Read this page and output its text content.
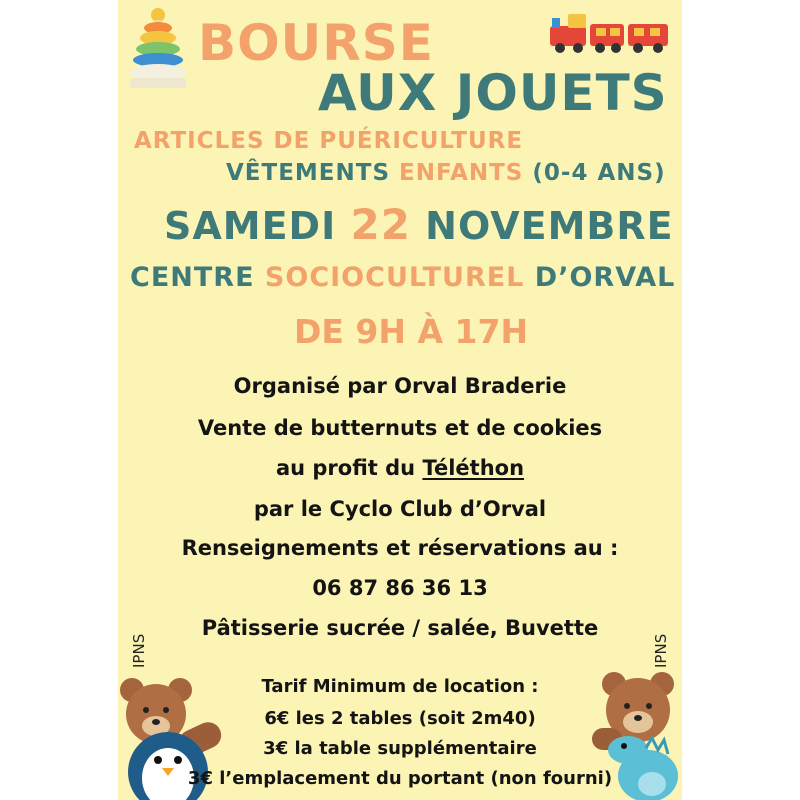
BOURSE
AUX JOUETS
ARTICLES DE PUÉRICULTURE
VÊTEMENTS ENFANTS (0-4 ANS)
SAMEDI 22 NOVEMBRE
CENTRE SOCIOCULTUREL D’ORVAL
DE 9H À 17H
Organisé par Orval Braderie
Vente de butternuts et de cookies
au profit du Téléthon
par le Cyclo Club d’Orval
Renseignements et réservations au :
06 87 86 36 13
Pâtisserie sucrée / salée, Buvette
Tarif Minimum de location :
6€ les 2 tables (soit 2m40)
3€ la table supplémentaire
3€ l’emplacement du portant (non fourni)
IPNS	IPNS
